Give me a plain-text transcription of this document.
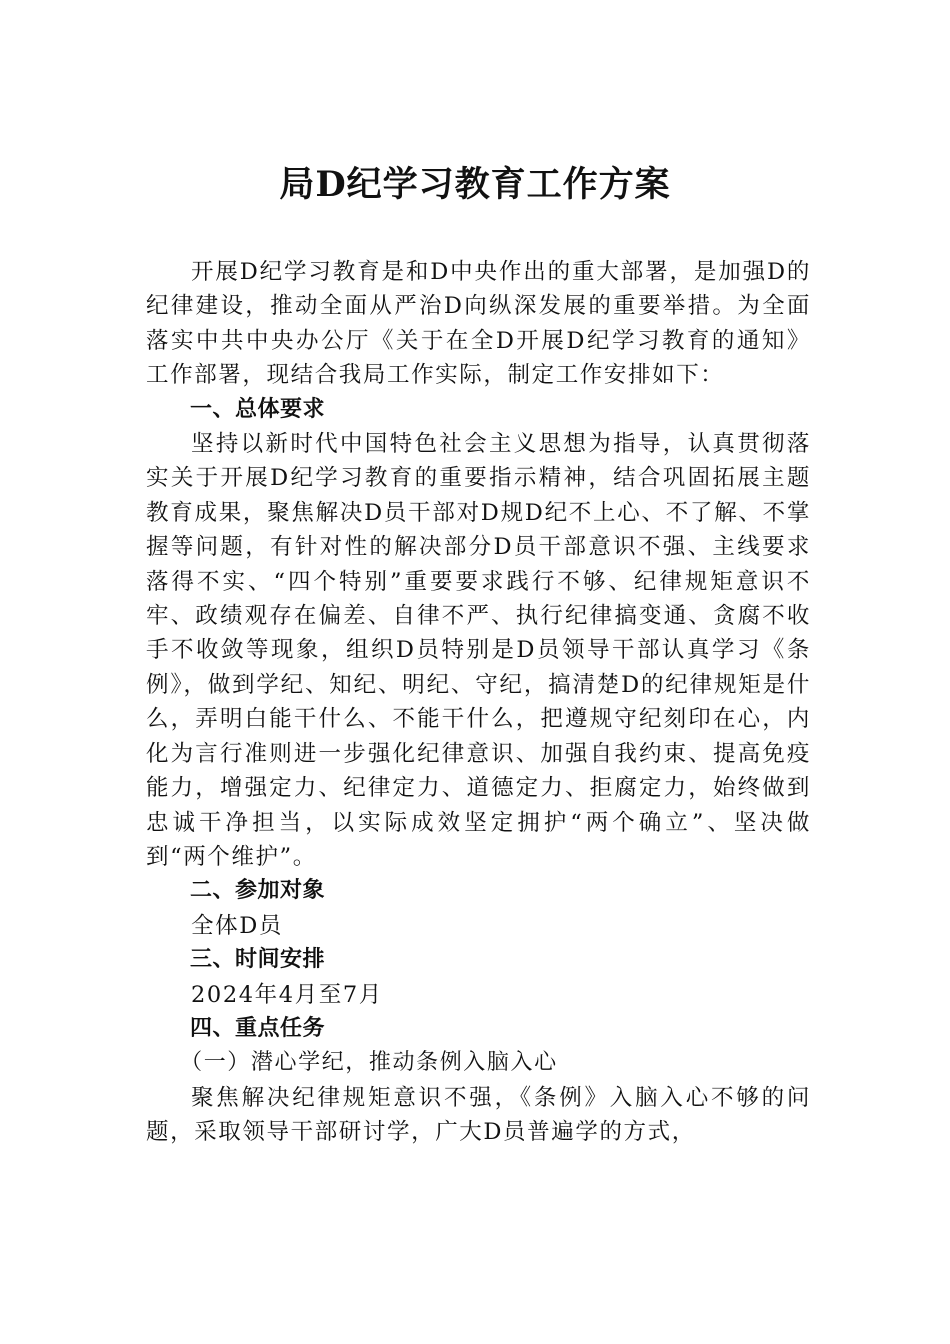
局D纪学习教育工作方案

开展D纪学习教育是和D中央作出的重大部署，是加强D的纪律建设，推动全面从严治D向纵深发展的重要举措。为全面落实中共中央办公厅《关于在全D开展D纪学习教育的通知》工作部署，现结合我局工作实际，制定工作安排如下：

一、总体要求

坚持以新时代中国特色社会主义思想为指导，认真贯彻落实关于开展D纪学习教育的重要指示精神，结合巩固拓展主题教育成果，聚焦解决D员干部对D规D纪不上心、不了解、不掌握等问题，有针对性的解决部分D员干部意识不强、主线要求落得不实、“四个特别”重要要求践行不够、纪律规矩意识不牢、政绩观存在偏差、自律不严、执行纪律搞变通、贪腐不收手不收敛等现象，组织D员特别是D员领导干部认真学习《条例》，做到学纪、知纪、明纪、守纪，搞清楚D的纪律规矩是什么，弄明白能干什么、不能干什么，把遵规守纪刻印在心，内化为言行准则进一步强化纪律意识、加强自我约束、提高免疫能力，增强定力、纪律定力、道德定力、拒腐定力，始终做到忠诚干净担当，以实际成效坚定拥护“两个确立”、坚决做到“两个维护”。

二、参加对象

全体D员

三、时间安排

2024年4月至7月

四、重点任务

（一）潜心学纪，推动条例入脑入心

聚焦解决纪律规矩意识不强，《条例》入脑入心不够的问题，采取领导干部研讨学，广大D员普遍学的方式，
